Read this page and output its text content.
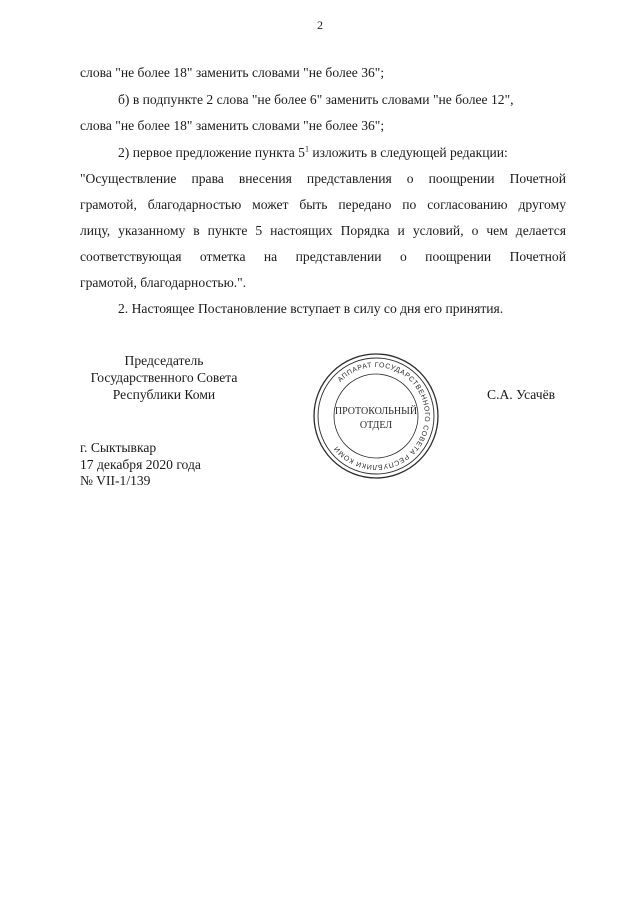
2
слова "не более 18" заменить словами "не более 36";
б) в подпункте 2 слова "не более 6" заменить словами "не более 12",
слова "не более 18" заменить словами "не более 36";
2) первое предложение пункта $5^1$ изложить в следующей редакции:
"Осуществление права внесения представления о поощрении Почетной
грамотой, благодарностью может быть передано по согласованию другому
лицу, указанному в пункте 5 настоящих Порядка и условий, о чем делается
соответствующая отметка на представлении о поощрении Почетной
грамотой, благодарностью.".
2. Настоящее Постановление вступает в силу со дня его принятия.
Председатель
Государственного Совета
Республики Коми	С.А. Усачёв
АППАРАТ ГОСУДАРСТВЕННОГО СОВЕТА РЕСПУБЛИКИ КОМИ
ПРОТОКОЛЬНЫЙ
ОТДЕЛ
г. Сыктывкар
17 декабря 2020 года
№ VII-1/139
